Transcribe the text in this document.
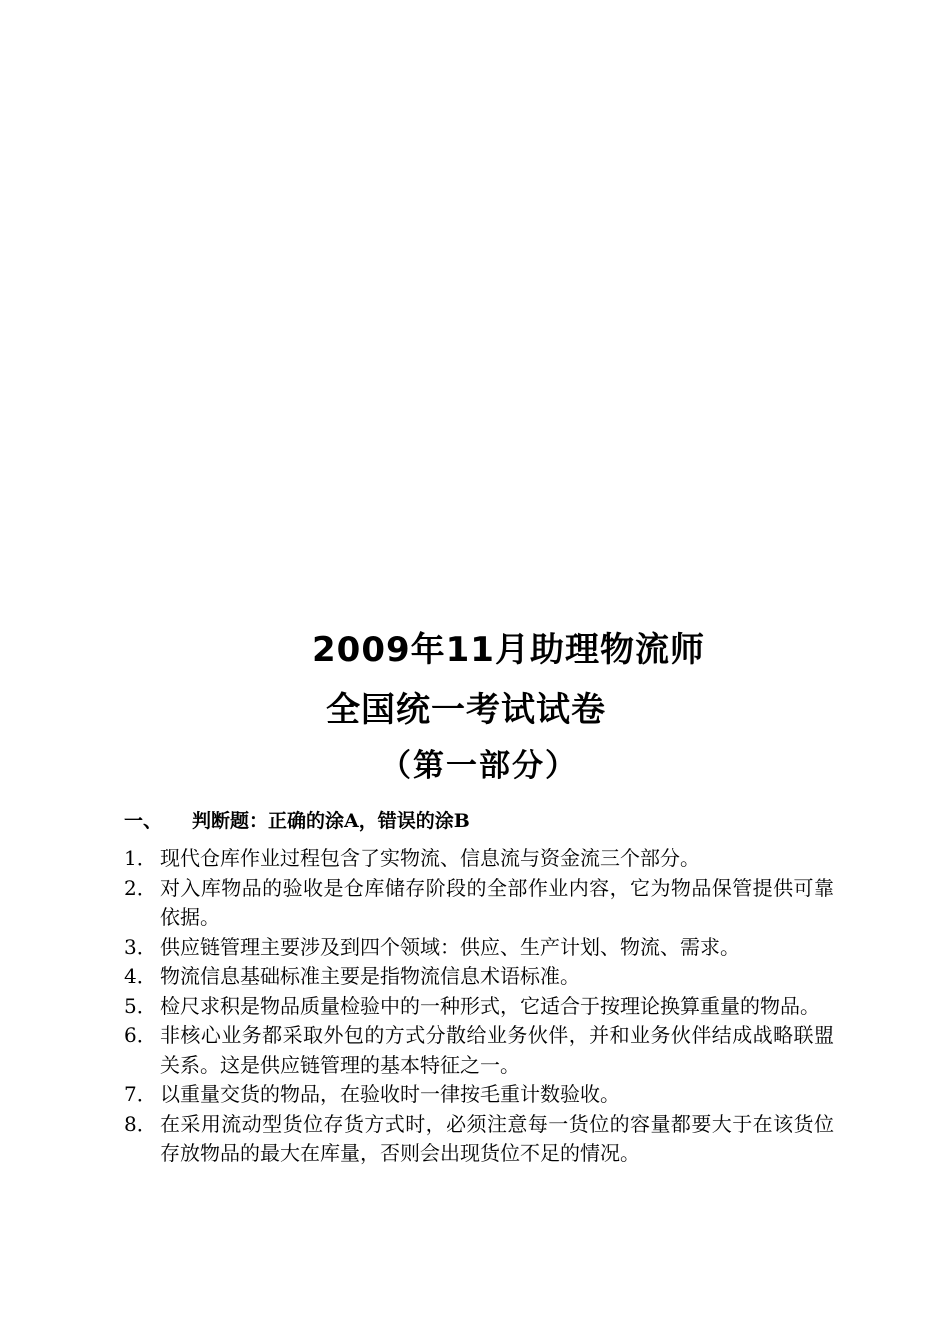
2009年11月助理物流师
全国统一考试试卷
（第一部分）
一、 判断题：正确的涂A，错误的涂B
1． 现代仓库作业过程包含了实物流、信息流与资金流三个部分。
2． 对入库物品的验收是仓库储存阶段的全部作业内容，它为物品保管提供可靠依据。
3． 供应链管理主要涉及到四个领域：供应、生产计划、物流、需求。
4． 物流信息基础标准主要是指物流信息术语标准。
5． 检尺求积是物品质量检验中的一种形式，它适合于按理论换算重量的物品。
6． 非核心业务都采取外包的方式分散给业务伙伴，并和业务伙伴结成战略联盟关系。这是供应链管理的基本特征之一。
7． 以重量交货的物品，在验收时一律按毛重计数验收。
8． 在采用流动型货位存货方式时，必须注意每一货位的容量都要大于在该货位存放物品的最大在库量，否则会出现货位不足的情况。
